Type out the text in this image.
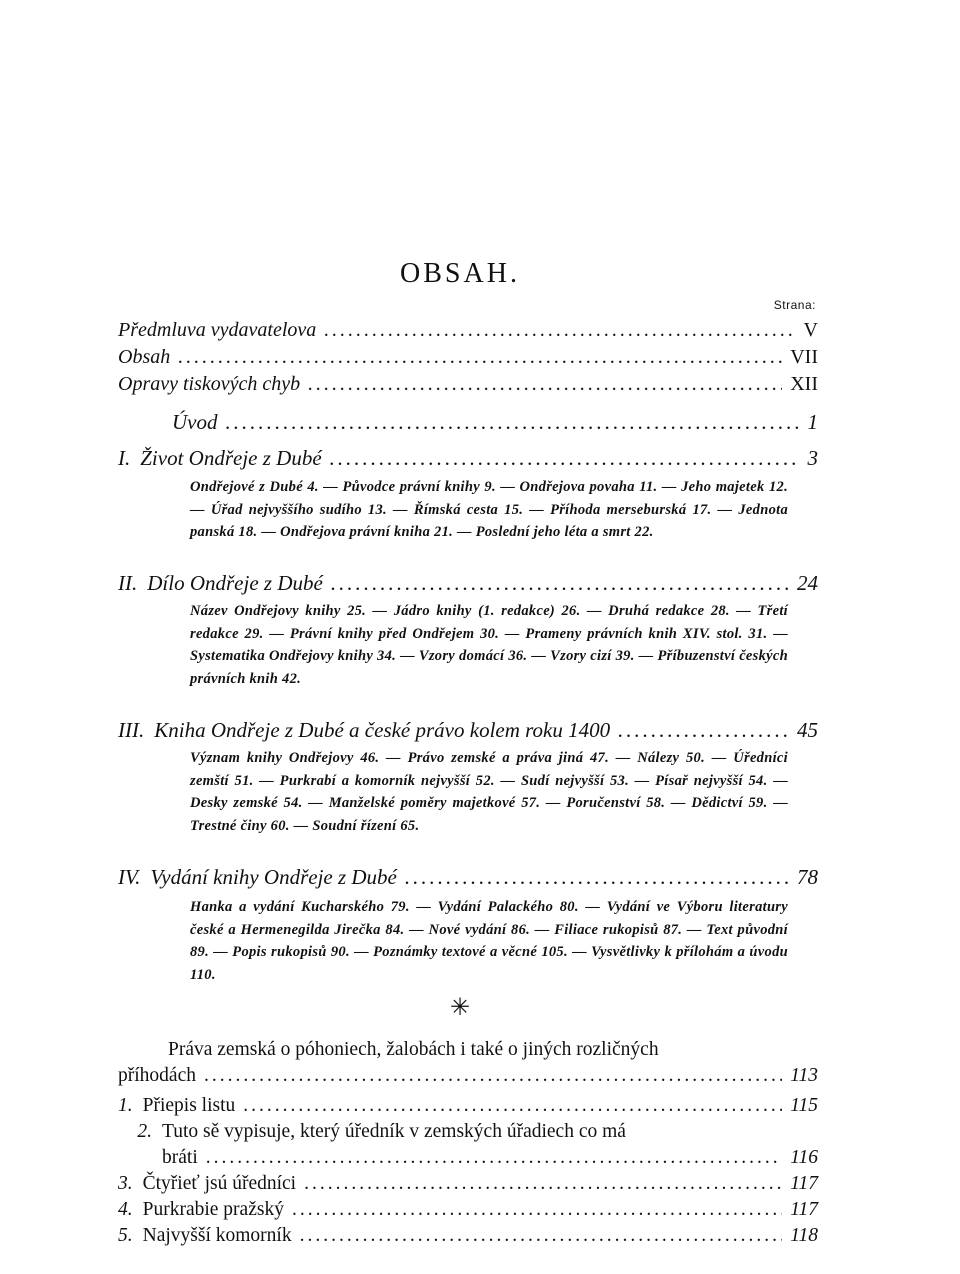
OBSAH.
Strana:
Předmluva vydavatelova .....	V
Obsah .....	VII
Opravy tiskových chyb .....	XII
Úvod .....	1
I. Život Ondřeje z Dubé .....	3
Ondřejové z Dubé 4. — Původce právní knihy 9. — Ondřejova povaha 11. — Jeho majetek 12. — Úřad nejvyššího sudího 13. — Římská cesta 15. — Příhoda merseburská 17. — Jednota panská 18. — Ondřejova právní kniha 21. — Poslední jeho léta a smrt 22.
II. Dílo Ondřeje z Dubé .....	24
Název Ondřejovy knihy 25. — Jádro knihy (1. redakce) 26. — Druhá redakce 28. — Třetí redakce 29. — Právní knihy před Ondřejem 30. — Prameny právních knih XIV. stol. 31. — Systematika Ondřejovy knihy 34. — Vzory domácí 36. — Vzory cizí 39. — Příbuzenství českých právních knih 42.
III. Kniha Ondřeje z Dubé a české právo kolem roku 1400 .....	45
Význam knihy Ondřejovy 46. — Právo zemské a práva jiná 47. — Nálezy 50. — Úředníci zemští 51. — Purkrabí a komorník nejvyšší 52. — Sudí nejvyšší 53. — Písař nejvyšší 54. — Desky zemské 54. — Manželské poměry majetkové 57. — Poručenství 58. — Dědictví 59. — Trestné činy 60. — Soudní řízení 65.
IV. Vydání knihy Ondřeje z Dubé .....	78
Hanka a vydání Kucharského 79. — Vydání Palackého 80. — Vydání ve Výboru literatury české a Hermenegilda Jirečka 84. — Nové vydání 86. — Filiace rukopisů 87. — Text původní 89. — Popis rukopisů 90. — Poznámky textové a věcné 105. — Vysvětlivky k přílohám a úvodu 110.
✳
Práva zemská o póhoniech, žalobách i také o jiných rozličných
příhodách .....	113
1. Přiepis listu .....	115
2. Tuto sě vypisuje, který úředník v zemských úřadiech co má
bráti .....	116
3. Čtyřieť jsú úředníci .....	117
4. Purkrabie pražský .....	117
5. Najvyšší komorník .....	118
